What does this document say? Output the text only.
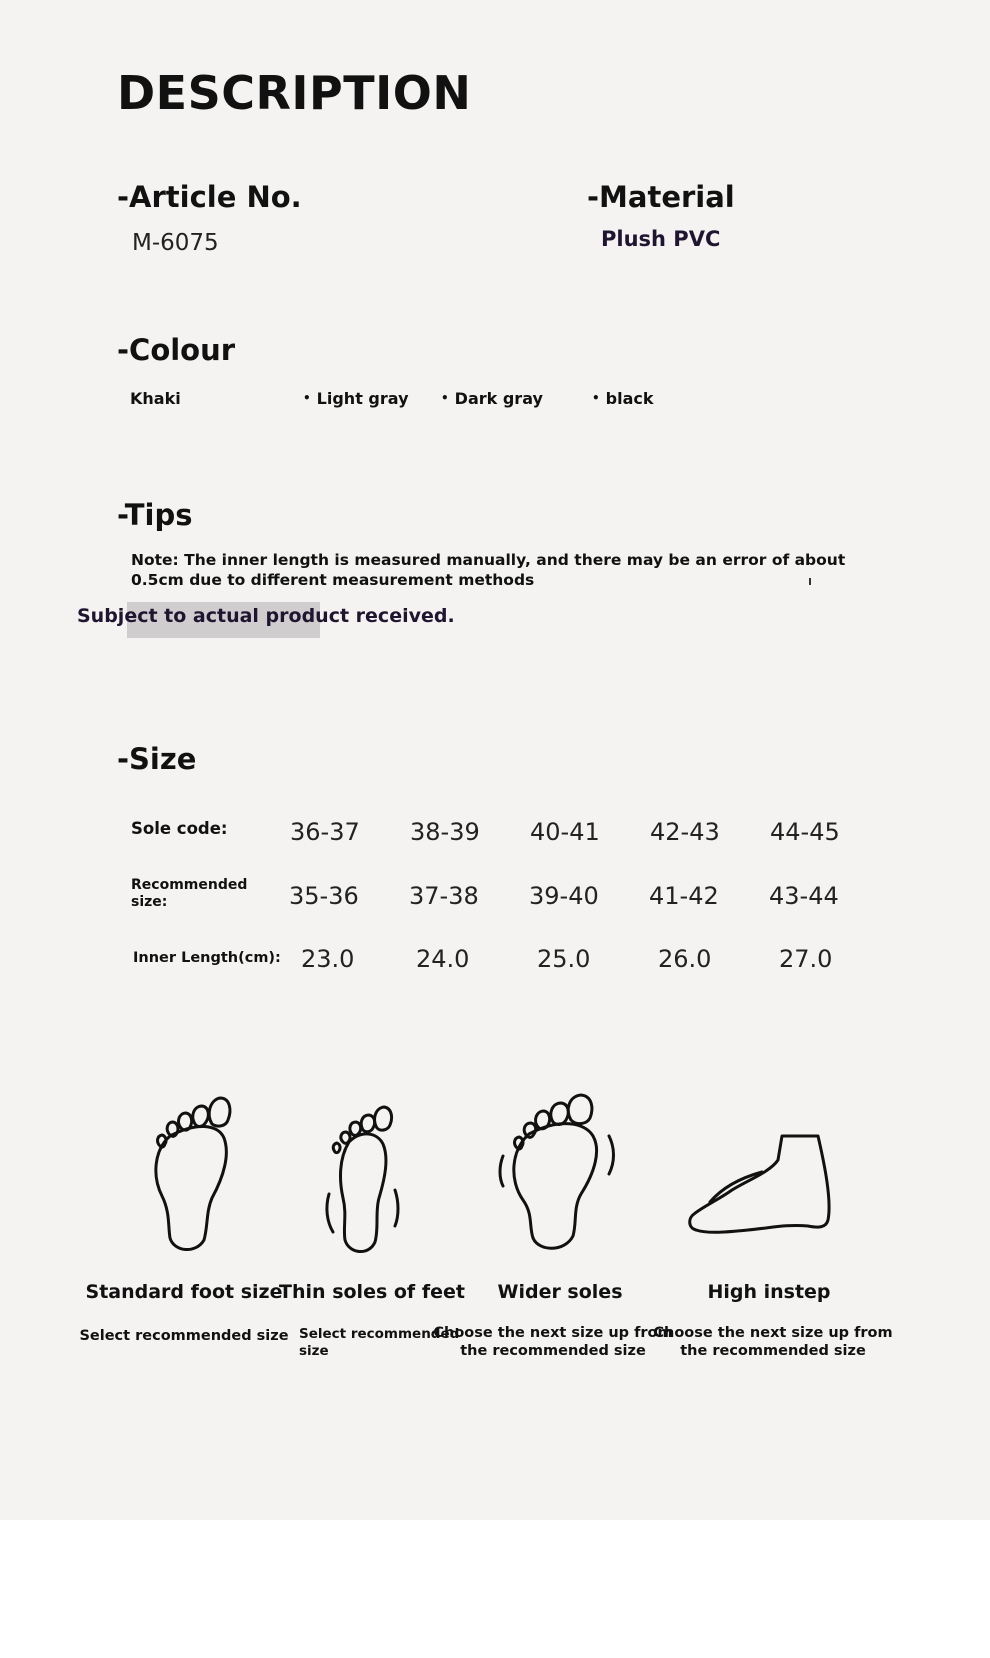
DESCRIPTION
-Article No.
M-6075
-Material
Plush PVC
-Colour
Khaki	• Light gray	• Dark gray	• black
-Tips
Note: The inner length is measured manually, and there may be an error of about
0.5cm due to different measurement methods
Subject to actual product received.
-Size
Sole code:	36-37 38-39 40-41 42-43 44-45
Recommended
size:	35-36 37-38 39-40 41-42 43-44
Inner Length(cm): 23.0	24.0	25.0	26.0	27.0
Standard foot size
Select recommended size
Thin soles of feet
Select recommended
size
Wider soles
Choose the next size up from
the recommended size
High instep
Choose the next size up from
the recommended size
